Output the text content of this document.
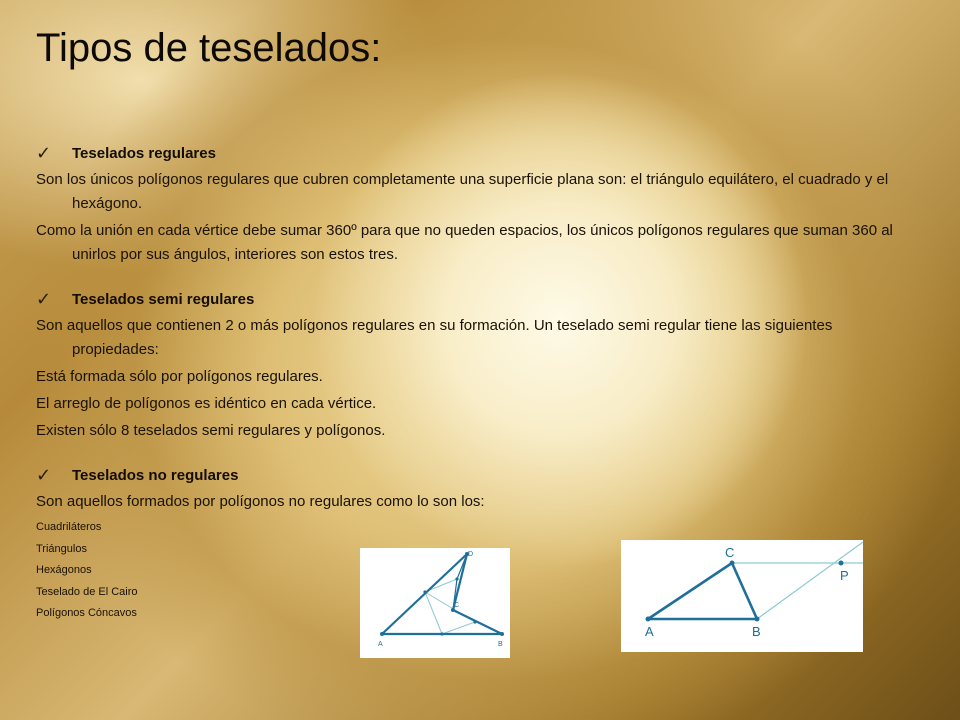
Tipos de teselados:
✓	Teselados regulares

Son los únicos polígonos regulares que cubren completamente una superficie plana son: el triángulo equilátero, el cuadrado y el hexágono.

Como la unión en cada vértice debe sumar 360º para que no queden espacios, los únicos polígonos regulares que suman 360 al unirlos por sus ángulos, interiores son estos tres.

✓	Teselados semi regulares

Son aquellos que contienen 2 o más polígonos regulares en su formación. Un teselado semi regular tiene las siguientes propiedades:

Está formada sólo por polígonos regulares.

El arreglo de polígonos es idéntico en cada vértice.

Existen sólo 8 teselados semi regulares y polígonos.

✓	Teselados no regulares

Son aquellos formados por polígonos no regulares como lo son los:

Cuadriláteros
Triángulos
Hexágonos
Teselado de El Cairo
Polígonos Cóncavos
A	B
C
D
A	B
C
P
